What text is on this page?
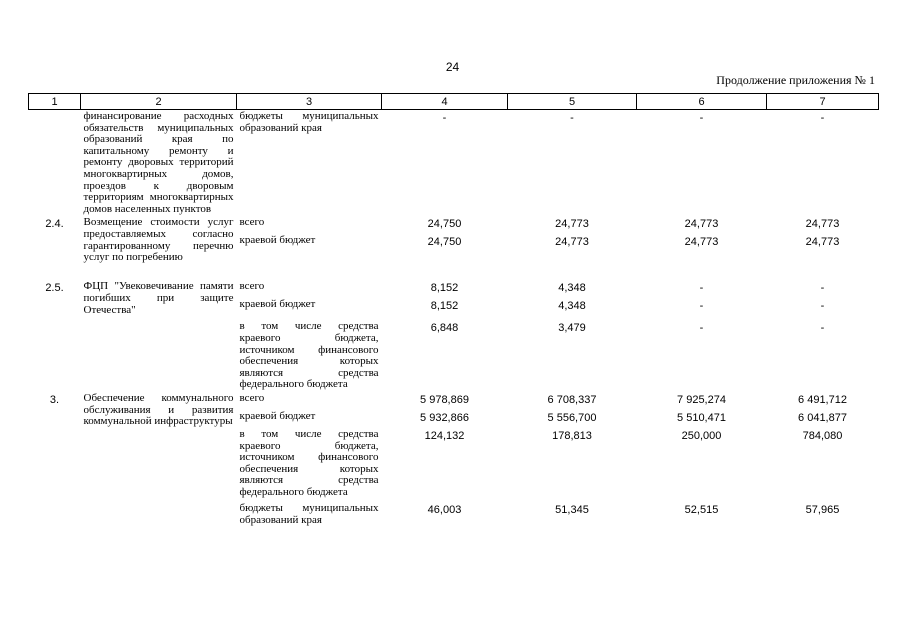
24
Продолжение приложения № 1
1	2	3	4	5	6	7
	финансирование расходных обязательств муниципальных образований края по капитальному ремонту и ремонту дворовых территорий многоквартирных домов, проездов к дворовым территориям многоквартирных домов населенных пунктов	бюджеты муниципальных образований края	-	-	-	-
2.4.	Возмещение стоимости услуг предоставляемых согласно гарантированному перечню услуг по погребению	всего	24,750	24,773	24,773	24,773
		краевой бюджет	24,750	24,773	24,773	24,773
2.5.	ФЦП "Увековечивание памяти погибших при защите Отечества"	всего	8,152	4,348	-	-
		краевой бюджет	8,152	4,348	-	-
		в том числе средства краевого бюджета, источником финансового обеспечения которых являются средства федерального бюджета	6,848	3,479	-	-
3.	Обеспечение коммунального обслуживания и развития коммунальной инфраструктуры	всего	5 978,869	6 708,337	7 925,274	6 491,712
		краевой бюджет	5 932,866	5 556,700	5 510,471	6 041,877
		в том числе средства краевого бюджета, источником финансового обеспечения которых являются средства федерального бюджета	124,132	178,813	250,000	784,080
		бюджеты муниципальных образований края	46,003	51,345	52,515	57,965
